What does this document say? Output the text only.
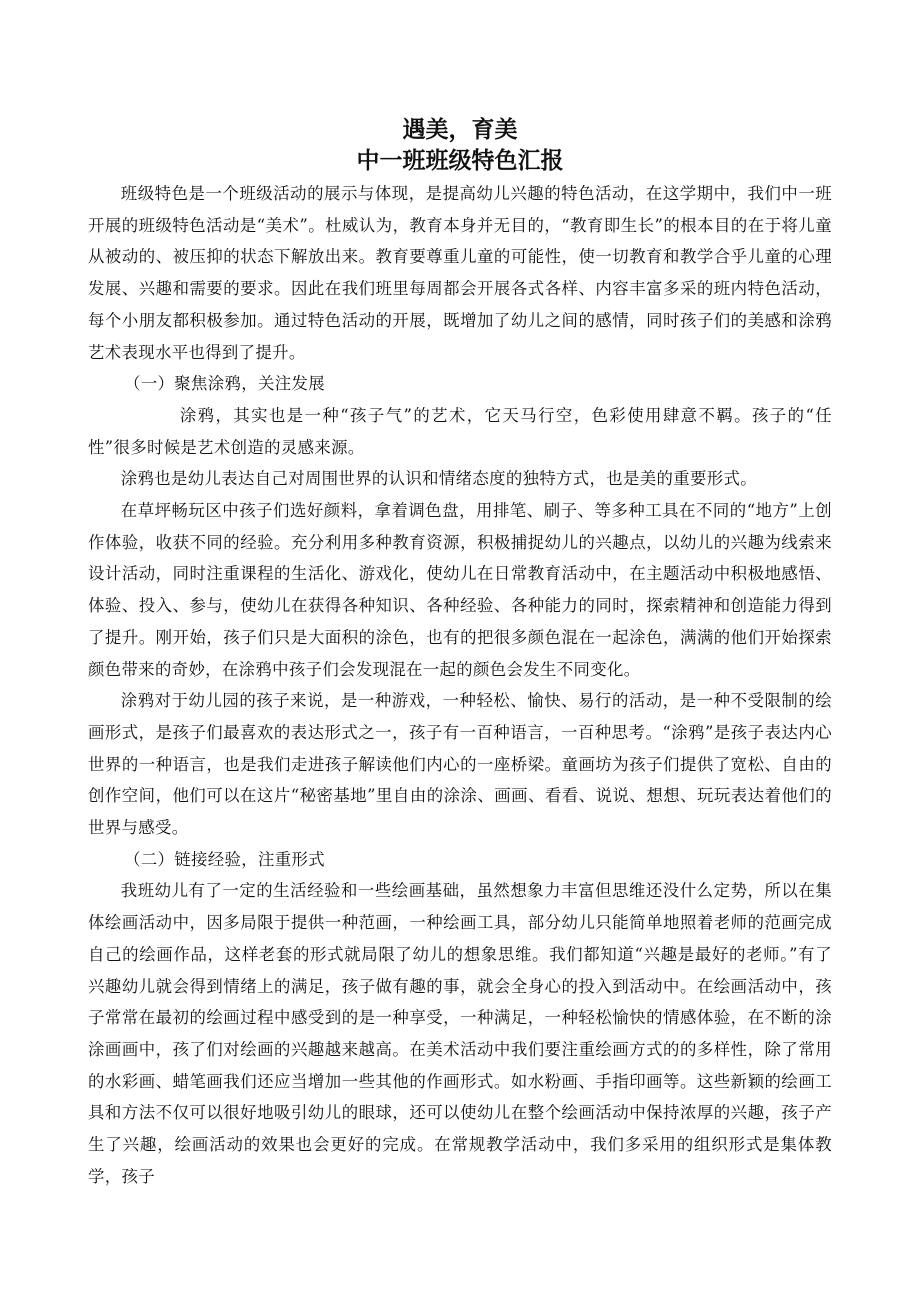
遇美，育美
中一班班级特色汇报

班级特色是一个班级活动的展示与体现，是提高幼儿兴趣的特色活动，在这学期中，我们中一班开展的班级特色活动是“美术”。杜威认为，教育本身并无目的，“教育即生长”的根本目的在于将儿童从被动的、被压抑的状态下解放出来。教育要尊重儿童的可能性，使一切教育和教学合乎儿童的心理发展、兴趣和需要的要求。因此在我们班里每周都会开展各式各样、内容丰富多采的班内特色活动，每个小朋友都积极参加。通过特色活动的开展，既增加了幼儿之间的感情，同时孩子们的美感和涂鸦艺术表现水平也得到了提升。

（一）聚焦涂鸦，关注发展

涂鸦，其实也是一种“孩子气”的艺术，它天马行空，色彩使用肆意不羁。孩子的“任性”很多时候是艺术创造的灵感来源。

涂鸦也是幼儿表达自己对周围世界的认识和情绪态度的独特方式，也是美的重要形式。

在草坪畅玩区中孩子们选好颜料，拿着调色盘，用排笔、刷子、等多种工具在不同的“地方”上创作体验，收获不同的经验。充分利用多种教育资源，积极捕捉幼儿的兴趣点，以幼儿的兴趣为线索来设计活动，同时注重课程的生活化、游戏化，使幼儿在日常教育活动中，在主题活动中积极地感悟、体验、投入、参与，使幼儿在获得各种知识、各种经验、各种能力的同时，探索精神和创造能力得到了提升。刚开始，孩子们只是大面积的涂色，也有的把很多颜色混在一起涂色，满满的他们开始探索颜色带来的奇妙，在涂鸦中孩子们会发现混在一起的颜色会发生不同变化。

涂鸦对于幼儿园的孩子来说，是一种游戏，一种轻松、愉快、易行的活动，是一种不受限制的绘画形式，是孩子们最喜欢的表达形式之一，孩子有一百种语言，一百种思考。“涂鸦”是孩子表达内心世界的一种语言，也是我们走进孩子解读他们内心的一座桥梁。童画坊为孩子们提供了宽松、自由的创作空间，他们可以在这片“秘密基地”里自由的涂涂、画画、看看、说说、想想、玩玩表达着他们的世界与感受。

（二）链接经验，注重形式

我班幼儿有了一定的生活经验和一些绘画基础，虽然想象力丰富但思维还没什么定势，所以在集体绘画活动中，因多局限于提供一种范画，一种绘画工具，部分幼儿只能简单地照着老师的范画完成自己的绘画作品，这样老套的形式就局限了幼儿的想象思维。我们都知道“兴趣是最好的老师。”有了兴趣幼儿就会得到情绪上的满足，孩子做有趣的事，就会全身心的投入到活动中。在绘画活动中，孩子常常在最初的绘画过程中感受到的是一种享受，一种满足，一种轻松愉快的情感体验，在不断的涂涂画画中，孩了们对绘画的兴趣越来越高。在美术活动中我们要注重绘画方式的的多样性，除了常用的水彩画、蜡笔画我们还应当增加一些其他的作画形式。如水粉画、手指印画等。这些新颖的绘画工具和方法不仅可以很好地吸引幼儿的眼球，还可以使幼儿在整个绘画活动中保持浓厚的兴趣，孩子产生了兴趣，绘画活动的效果也会更好的完成。在常规教学活动中，我们多采用的组织形式是集体教学，孩子
